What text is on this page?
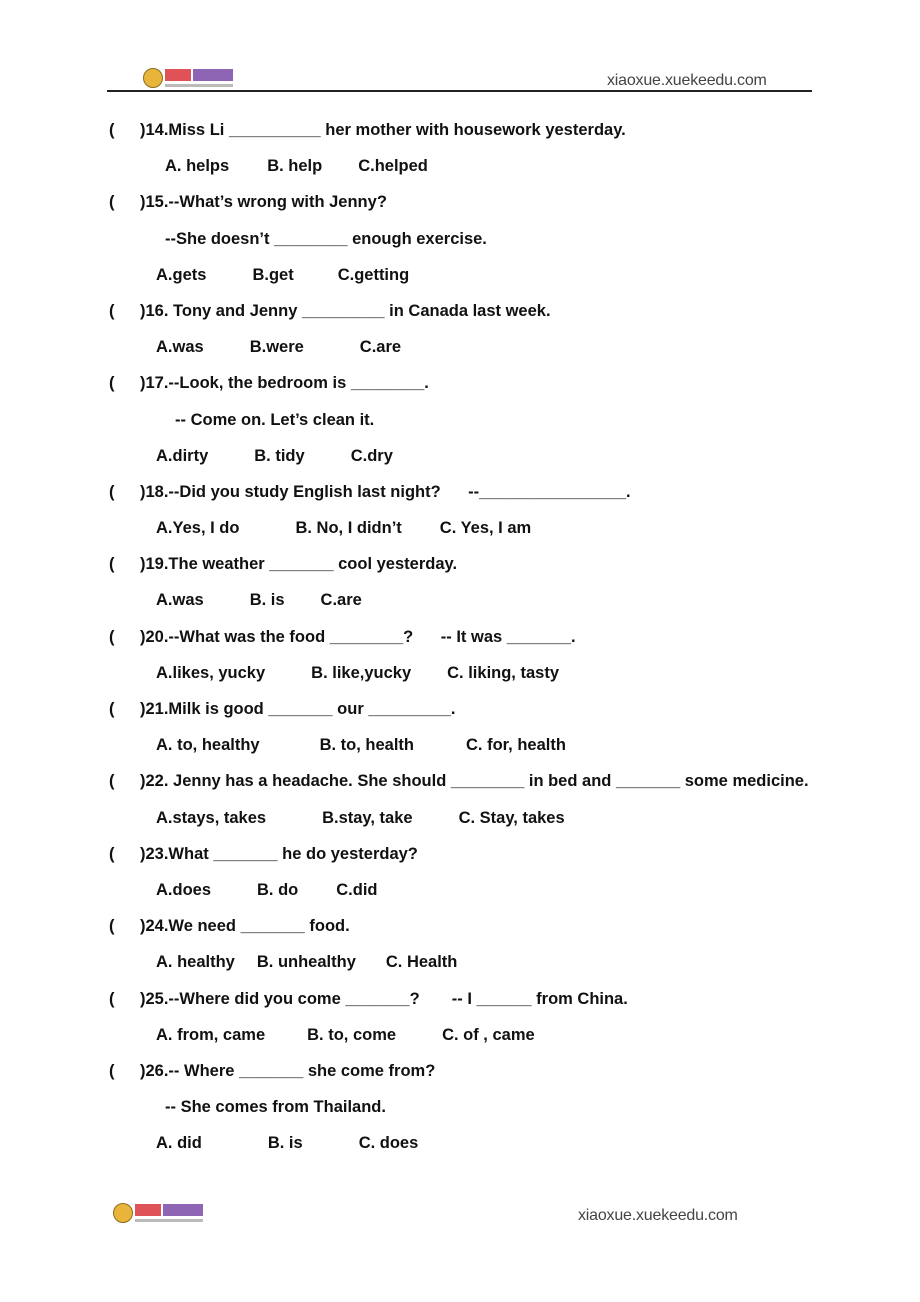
xiaoxue.xuekeedu.com
( )14.Miss Li __________ her mother with housework yesterday.
A. helps B. help C.helped
( )15.--What’s wrong with Jenny?
--She doesn’t ________ enough exercise.
A.gets	B.get	C.getting
( )16. Tony and Jenny _________ in Canada last week.
A.was	B.were	C.are
( )17.--Look, the bedroom is ________.
-- Come on. Let’s clean it.
A.dirty	B. tidy	C.dry
( )18.--Did you study English last night?      --________________.
A.Yes, I do	B. No, I didn’t C. Yes, I am
( )19.The weather _______ cool yesterday.
A.was	B. is C.are
( )20.--What was the food ________?      -- It was _______.
A.likes, yucky	B. like,yucky C. liking, tasty
( )21.Milk is good _______ our _________.
A. to, healthy	B. to, health	C. for, health
( )22. Jenny has a headache. She should ________ in bed and _______ some medicine.
A.stays, takes	B.stay, take	C. Stay, takes
( )23.What _______ he do yesterday?
A.does	B. do C.did
( )24.We need _______ food.
A. healthy B. unhealthy C. Health
( )25.--Where did you come _______?       -- I ______ from China.
A. from, came	B. to, come	C. of , came
( )26.-- Where _______ she come from?
-- She comes from Thailand.
A. did	B. is	C. does
xiaoxue.xuekeedu.com
